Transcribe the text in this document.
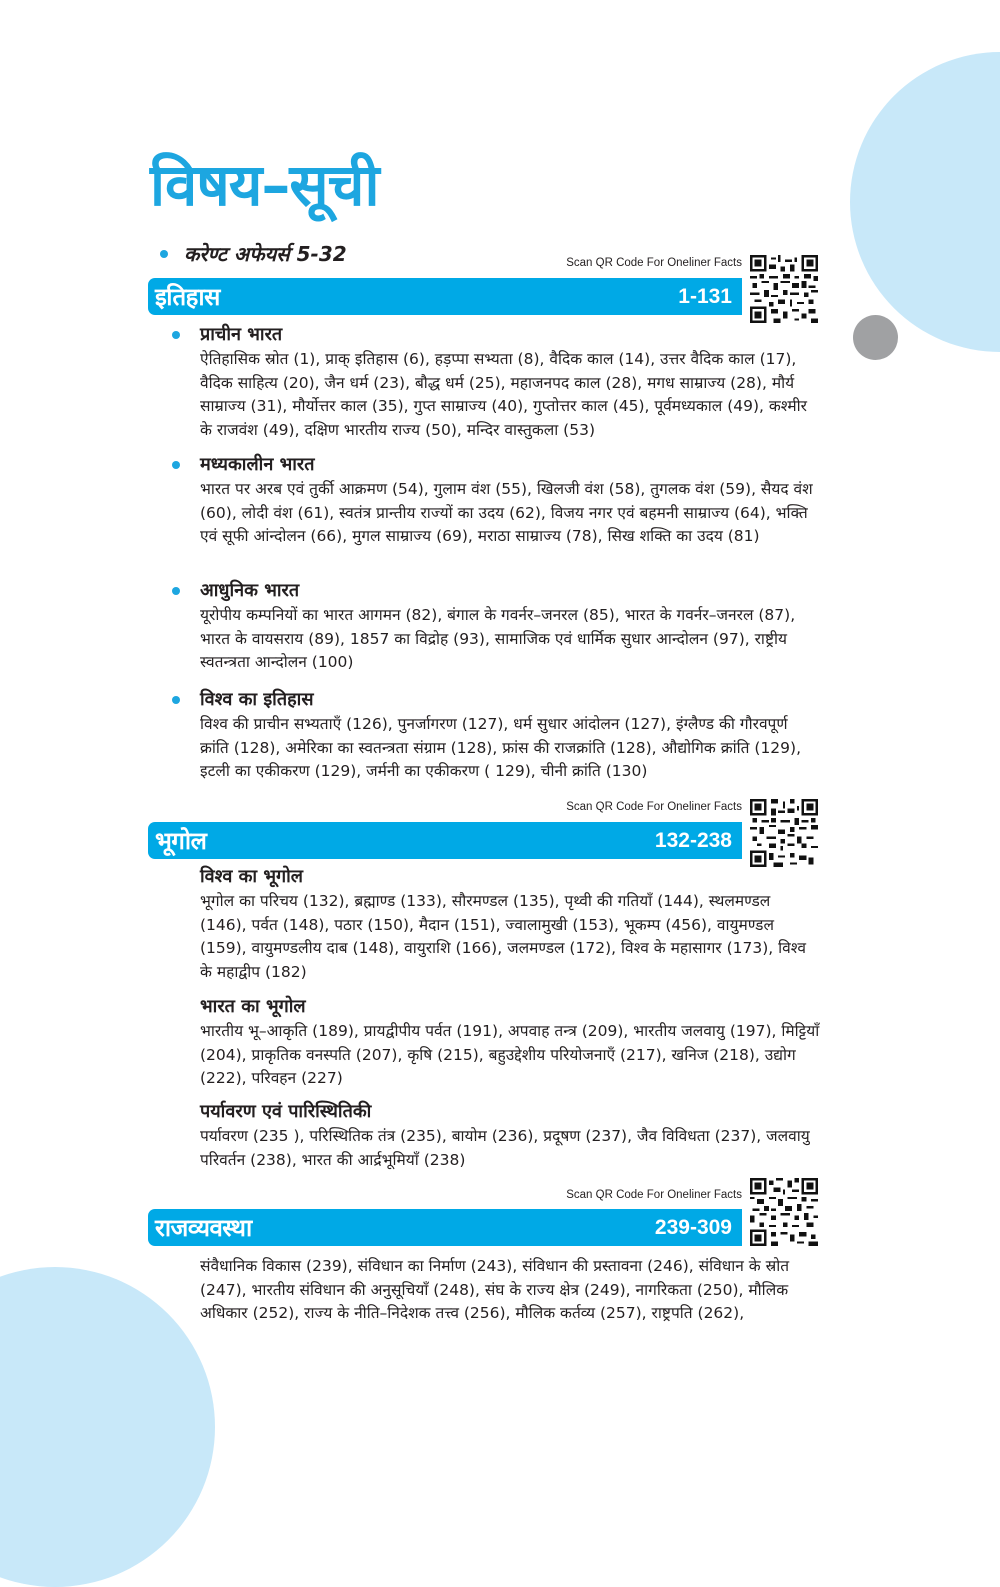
विषय–सूची
करेण्ट अफेयर्स 5-32	Scan QR Code For Oneliner Facts
इतिहास	1-131
प्राचीन भारत
ऐतिहासिक स्रोत (1), प्राक् इतिहास (6), हड़प्पा सभ्यता (8), वैदिक काल (14), उत्तर वैदिक काल (17), वैदिक साहित्य (20), जैन धर्म (23), बौद्ध धर्म (25), महाजनपद काल (28), मगध साम्राज्य (28), मौर्य साम्राज्य (31), मौर्योत्तर काल (35), गुप्त साम्राज्य (40), गुप्तोत्तर काल (45), पूर्वमध्यकाल (49), कश्मीर के राजवंश (49), दक्षिण भारतीय राज्य (50), मन्दिर वास्तुकला (53)
मध्यकालीन भारत
भारत पर अरब एवं तुर्की आक्रमण (54), गुलाम वंश (55), खिलजी वंश (58), तुगलक वंश (59), सैयद वंश (60), लोदी वंश (61), स्वतंत्र प्रान्तीय राज्यों का उदय (62), विजय नगर एवं बहमनी साम्राज्य (64), भक्ति एवं सूफी आंन्दोलन (66), मुगल साम्राज्य (69), मराठा साम्राज्य (78), सिख शक्ति का उदय (81)
आधुनिक भारत
यूरोपीय कम्पनियों का भारत आगमन (82), बंगाल के गवर्नर–जनरल (85), भारत के गवर्नर–जनरल (87), भारत के वायसराय (89), 1857 का विद्रोह (93), सामाजिक एवं धार्मिक सुधार आन्दोलन (97), राष्ट्रीय स्वतन्त्रता आन्दोलन (100)
विश्व का इतिहास
विश्व की प्राचीन सभ्यताएँ (126), पुनर्जागरण (127), धर्म सुधार आंदोलन (127), इंग्लैण्ड की गौरवपूर्ण क्रांति (128), अमेरिका का स्वतन्त्रता संग्राम (128), फ्रांस की राजक्रांति (128), औद्योगिक क्रांति (129), इटली का एकीकरण (129), जर्मनी का एकीकरण ( 129), चीनी क्रांति (130)
Scan QR Code For Oneliner Facts
भूगोल	132-238
विश्व का भूगोल
भूगोल का परिचय (132), ब्रह्माण्ड (133), सौरमण्डल (135), पृथ्वी की गतियाँ (144), स्थलमण्डल (146), पर्वत (148), पठार (150), मैदान (151), ज्वालामुखी (153), भूकम्प (456), वायुमण्डल (159), वायुमण्डलीय दाब (148), वायुराशि (166), जलमण्डल (172), विश्व के महासागर (173), विश्व के महाद्वीप (182)
भारत का भूगोल
भारतीय भू–आकृति (189), प्रायद्वीपीय पर्वत (191), अपवाह तन्त्र (209), भारतीय जलवायु (197), मिट्टियाँ (204), प्राकृतिक वनस्पति (207), कृषि (215), बहुउद्देशीय परियोजनाएँ (217), खनिज (218), उद्योग (222), परिवहन (227)
पर्यावरण एवं पारिस्थितिकी
पर्यावरण (235 ), परिस्थितिक तंत्र (235), बायोम (236), प्रदूषण (237), जैव विविधता (237), जलवायु परिवर्तन (238), भारत की आर्द्रभूमियाँ (238)
Scan QR Code For Oneliner Facts
राजव्यवस्था	239-309
संवैधानिक विकास (239), संविधान का निर्माण (243), संविधान की प्रस्तावना (246), संविधान के स्रोत (247), भारतीय संविधान की अनुसूचियाँ (248), संघ के राज्य क्षेत्र (249), नागरिकता (250), मौलिक अधिकार (252), राज्य के नीति–निदेशक तत्त्व (256), मौलिक कर्तव्य (257), राष्ट्रपति (262),
